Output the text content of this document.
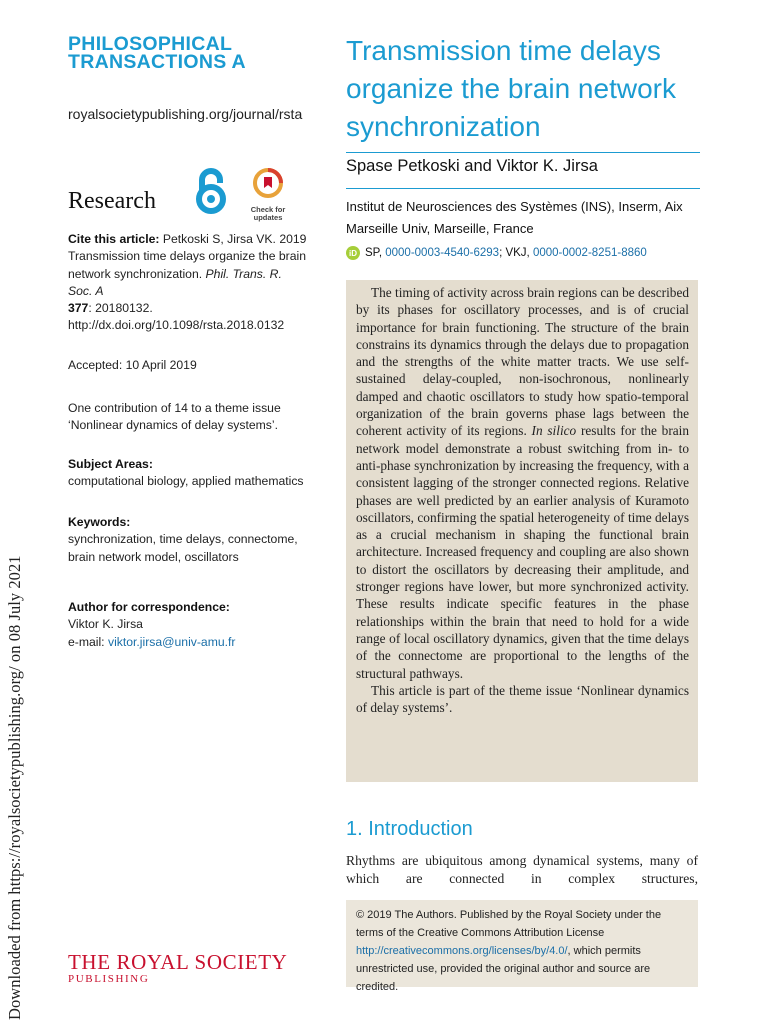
Downloaded from https://royalsocietypublishing.org/ on 08 July 2021
PHILOSOPHICAL
TRANSACTIONS A
royalsocietypublishing.org/journal/rsta
Research	Check for
updates
Cite this article: Petkoski S, Jirsa VK. 2019 Transmission time delays organize the brain network synchronization. Phil. Trans. R. Soc. A
377: 20180132.
http://dx.doi.org/10.1098/rsta.2018.0132
Accepted: 10 April 2019
One contribution of 14 to a theme issue ‘Nonlinear dynamics of delay systems’.
Subject Areas:
computational biology, applied mathematics
Keywords:
synchronization, time delays, connectome, brain network model, oscillators
Author for correspondence:
Viktor K. Jirsa
e-mail: viktor.jirsa@univ-amu.fr
THE ROYAL SOCIETY
PUBLISHING
Transmission time delays organize the brain network synchronization
Spase Petkoski and Viktor K. Jirsa
Institut de Neurosciences des Systèmes (INS), Inserm, Aix Marseille Univ, Marseille, France
iD SP, 0000-0003-4540-6293; VKJ, 0000-0002-8251-8860

The timing of activity across brain regions can be described by its phases for oscillatory processes, and is of crucial importance for brain functioning. The structure of the brain constrains its dynamics through the delays due to propagation and the strengths of the white matter tracts. We use self-sustained delay-coupled, non-isochronous, nonlinearly damped and chaotic oscillators to study how spatio-temporal organization of the brain governs phase lags between the coherent activity of its regions. In silico results for the brain network model demonstrate a robust switching from in- to anti-phase synchronization by increasing the frequency, with a consistent lagging of the stronger connected regions. Relative phases are well predicted by an earlier analysis of Kuramoto oscillators, confirming the spatial heterogeneity of time delays as a crucial mechanism in shaping the functional brain architecture. Increased frequency and coupling are also shown to distort the oscillators by decreasing their amplitude, and stronger regions have lower, but more synchronized activity. These results indicate specific features in the phase relationships within the brain that need to hold for a wide range of local oscillatory dynamics, given that the time delays of the connectome are proportional to the lengths of the structural pathways.

This article is part of the theme issue ‘Nonlinear dynamics of delay systems’.

1. Introduction
Rhythms are ubiquitous among dynamical systems, many of which are connected in complex structures,
© 2019 The Authors. Published by the Royal Society under the terms of the Creative Commons Attribution License http://creativecommons.org/licenses/by/4.0/, which permits unrestricted use, provided the original author and source are credited.
